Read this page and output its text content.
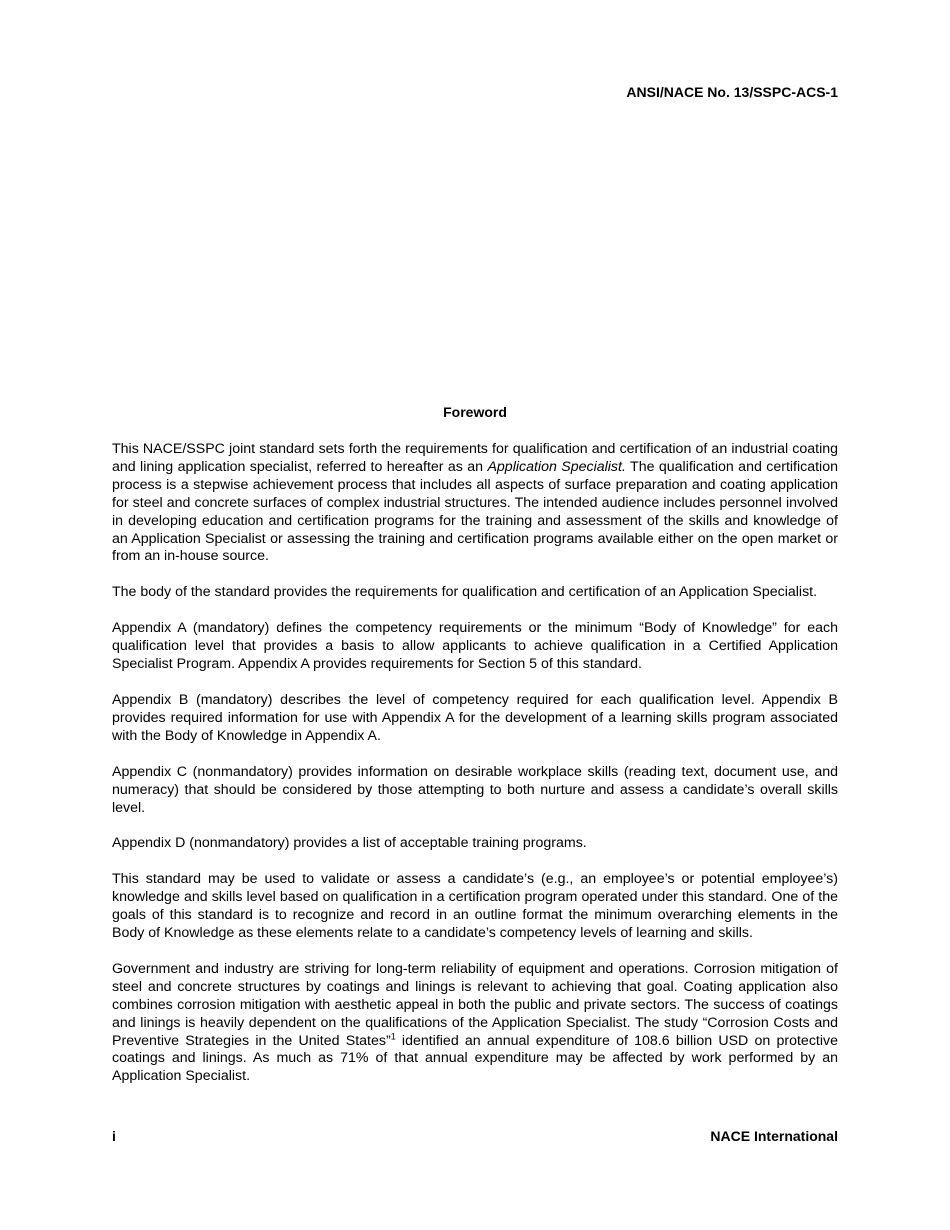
ANSI/NACE No. 13/SSPC-ACS-1
Foreword

This NACE/SSPC joint standard sets forth the requirements for qualification and certification of an industrial coating and lining application specialist, referred to hereafter as an Application Specialist. The qualification and certification process is a stepwise achievement process that includes all aspects of surface preparation and coating application for steel and concrete surfaces of complex industrial structures. The intended audience includes personnel involved in developing education and certification programs for the training and assessment of the skills and knowledge of an Application Specialist or assessing the training and certification programs available either on the open market or from an in-house source.

The body of the standard provides the requirements for qualification and certification of an Application Specialist.

Appendix A (mandatory) defines the competency requirements or the minimum “Body of Knowledge” for each qualification level that provides a basis to allow applicants to achieve qualification in a Certified Application Specialist Program. Appendix A provides requirements for Section 5 of this standard.

Appendix B (mandatory) describes the level of competency required for each qualification level. Appendix B provides required information for use with Appendix A for the development of a learning skills program associated with the Body of Knowledge in Appendix A.

Appendix C (nonmandatory) provides information on desirable workplace skills (reading text, document use, and numeracy) that should be considered by those attempting to both nurture and assess a candidate’s overall skills level.

Appendix D (nonmandatory) provides a list of acceptable training programs.

This standard may be used to validate or assess a candidate’s (e.g., an employee’s or potential employee’s) knowledge and skills level based on qualification in a certification program operated under this standard. One of the goals of this standard is to recognize and record in an outline format the minimum overarching elements in the Body of Knowledge as these elements relate to a candidate’s competency levels of learning and skills.

Government and industry are striving for long-term reliability of equipment and operations. Corrosion mitigation of steel and concrete structures by coatings and linings is relevant to achieving that goal. Coating application also combines corrosion mitigation with aesthetic appeal in both the public and private sectors. The success of coatings and linings is heavily dependent on the qualifications of the Application Specialist. The study “Corrosion Costs and Preventive Strategies in the United States”$^1$ identified an annual expenditure of 108.6 billion USD on protective coatings and linings. As much as 71% of that annual expenditure may be affected by work performed by an Application Specialist.

i	NACE International
